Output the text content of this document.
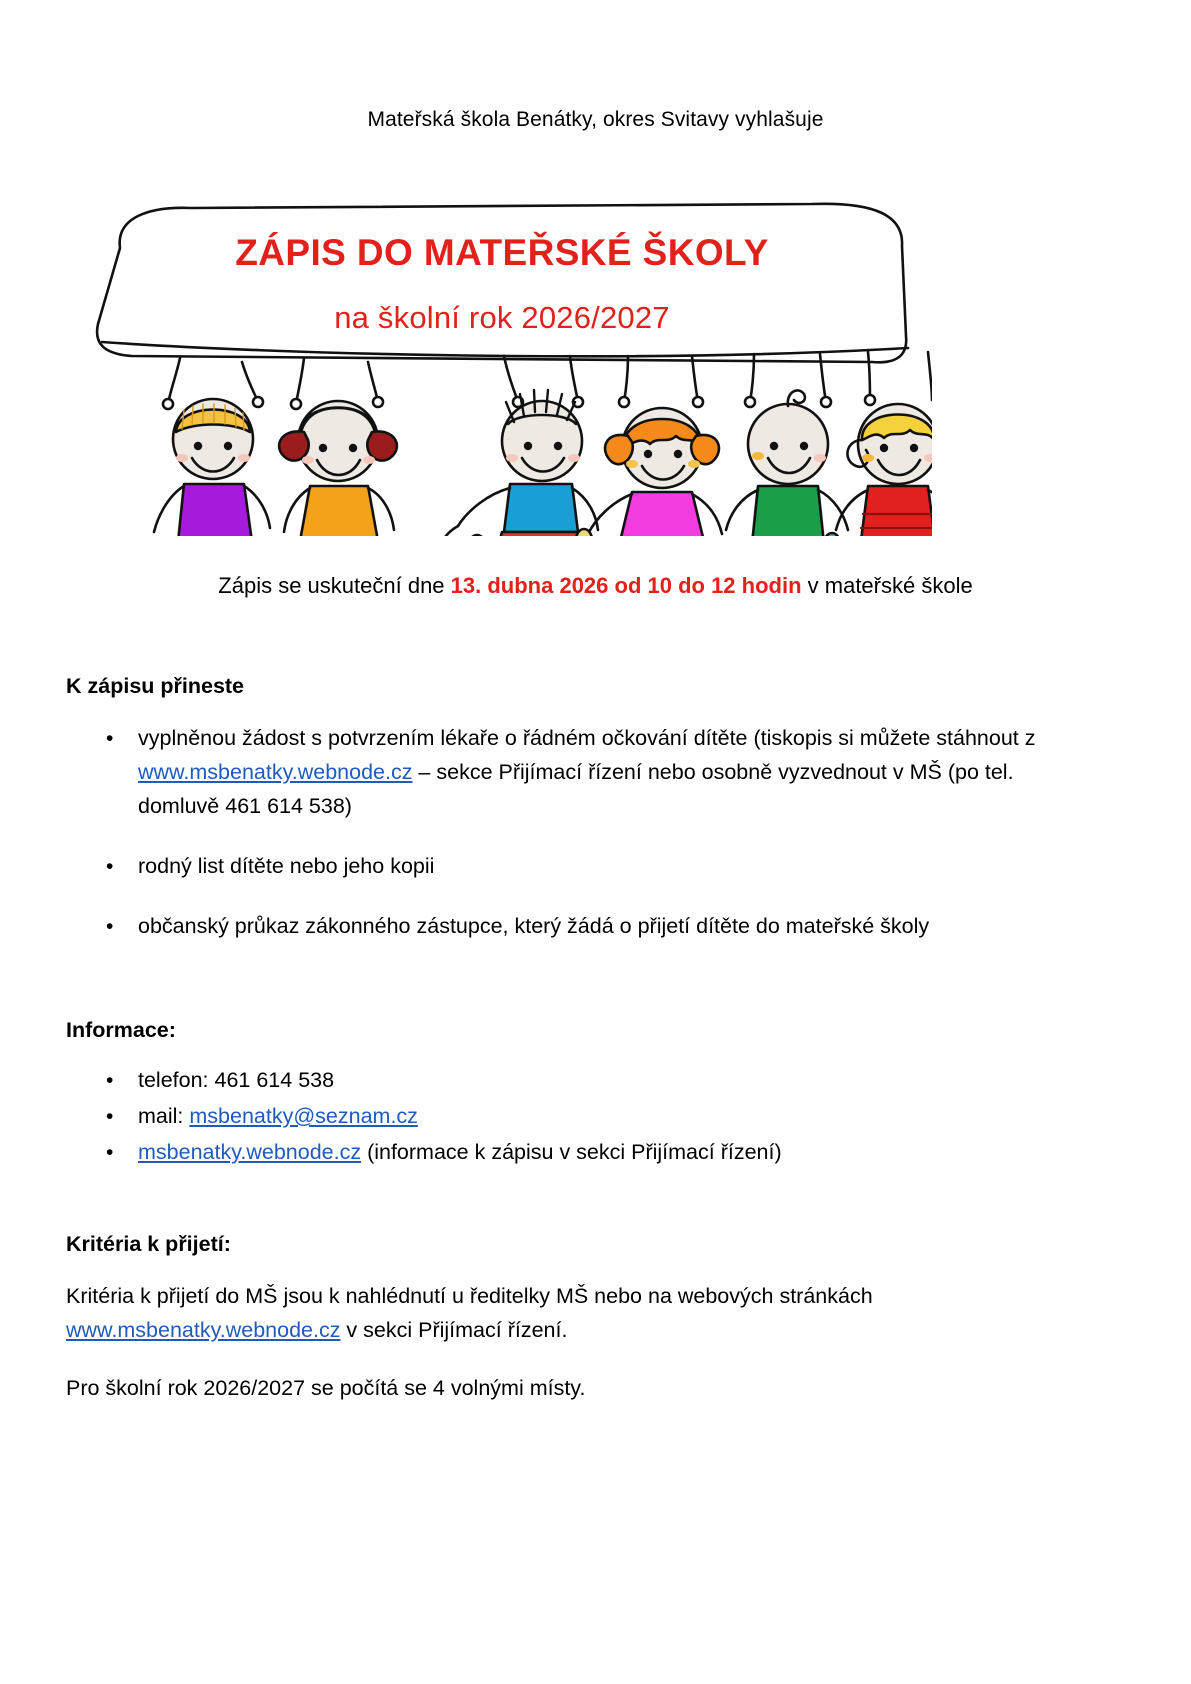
Mateřská škola Benátky, okres Svitavy vyhlašuje
ZÁPIS DO MATEŘSKÉ ŠKOLY
na školní rok 2026/2027
Zápis se uskuteční dne 13. dubna 2026 od 10 do 12 hodin v mateřské škole
K zápisu přineste
• vyplněnou žádost s potvrzením lékaře o řádném očkování dítěte (tiskopis si můžete stáhnout z www.msbenatky.webnode.cz – sekce Přijímací řízení nebo osobně vyzvednout v MŠ (po tel. domluvě 461 614 538)
• rodný list dítěte nebo jeho kopii
• občanský průkaz zákonného zástupce, který žádá o přijetí dítěte do mateřské školy
Informace:
• telefon: 461 614 538
• mail: msbenatky@seznam.cz
• msbenatky.webnode.cz (informace k zápisu v sekci Přijímací řízení)
Kritéria k přijetí:
Kritéria k přijetí do MŠ jsou k nahlédnutí u ředitelky MŠ nebo na webových stránkách www.msbenatky.webnode.cz v sekci Přijímací řízení.
Pro školní rok 2026/2027 se počítá se 4 volnými místy.
